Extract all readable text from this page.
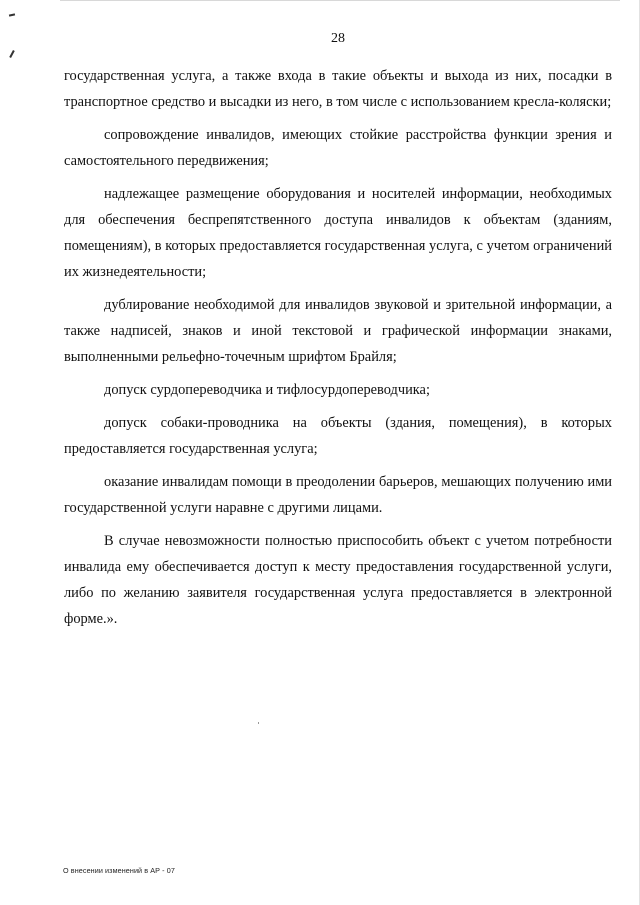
28

государственная услуга, а также входа в такие объекты и выхода из них, посадки в транспортное средство и высадки из него, в том числе с использованием кресла-коляски;

сопровождение инвалидов, имеющих стойкие расстройства функции зрения и самостоятельного передвижения;

надлежащее размещение оборудования и носителей информации, необходимых для обеспечения беспрепятственного доступа инвалидов к объектам (зданиям, помещениям), в которых предоставляется государственная услуга, с учетом ограничений их жизнедеятельности;

дублирование необходимой для инвалидов звуковой и зрительной информации, а также надписей, знаков и иной текстовой и графической информации знаками, выполненными рельефно-точечным шрифтом Брайля;

допуск сурдопереводчика и тифлосурдопереводчика;

допуск собаки-проводника на объекты (здания, помещения), в которых предоставляется государственная услуга;

оказание инвалидам помощи в преодолении барьеров, мешающих получению ими государственной услуги наравне с другими лицами.

В случае невозможности полностью приспособить объект с учетом потребности инвалида ему обеспечивается доступ к месту предоставления государственной услуги, либо по желанию заявителя государственная услуга предоставляется в электронной форме.».

О внесении изменений в АР - 07
